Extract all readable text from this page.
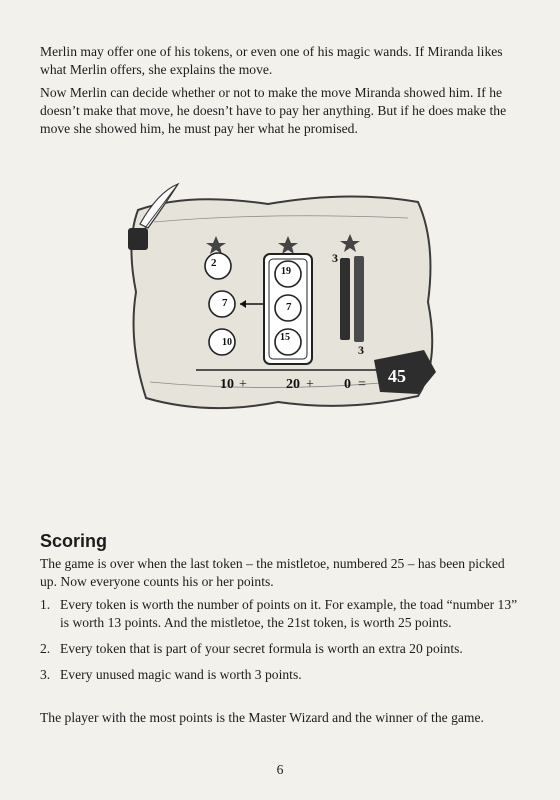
Merlin may offer one of his tokens, or even one of his magic wands. If Miranda likes what Merlin offers, she explains the move.

Now Merlin can decide whether or not to make the move Miranda showed him. If he doesn’t make that move, he doesn’t have to pay her anything. But if he does make the move she showed him, he must pay her what he promised.

2
7
10
19
7
15
3
3
10 +	20 + 0 = 45
Scoring

The game is over when the last token – the mistletoe, numbered 25 – has been picked up. Now everyone counts his or her points.

1. Every token is worth the number of points on it. For example, the toad “number 13” is worth 13 points. And the mistletoe, the 21st token, is worth 25 points.
2. Every token that is part of your secret formula is worth an extra 20 points.
3. Every unused magic wand is worth 3 points.

The player with the most points is the Master Wizard and the winner of the game.

6
